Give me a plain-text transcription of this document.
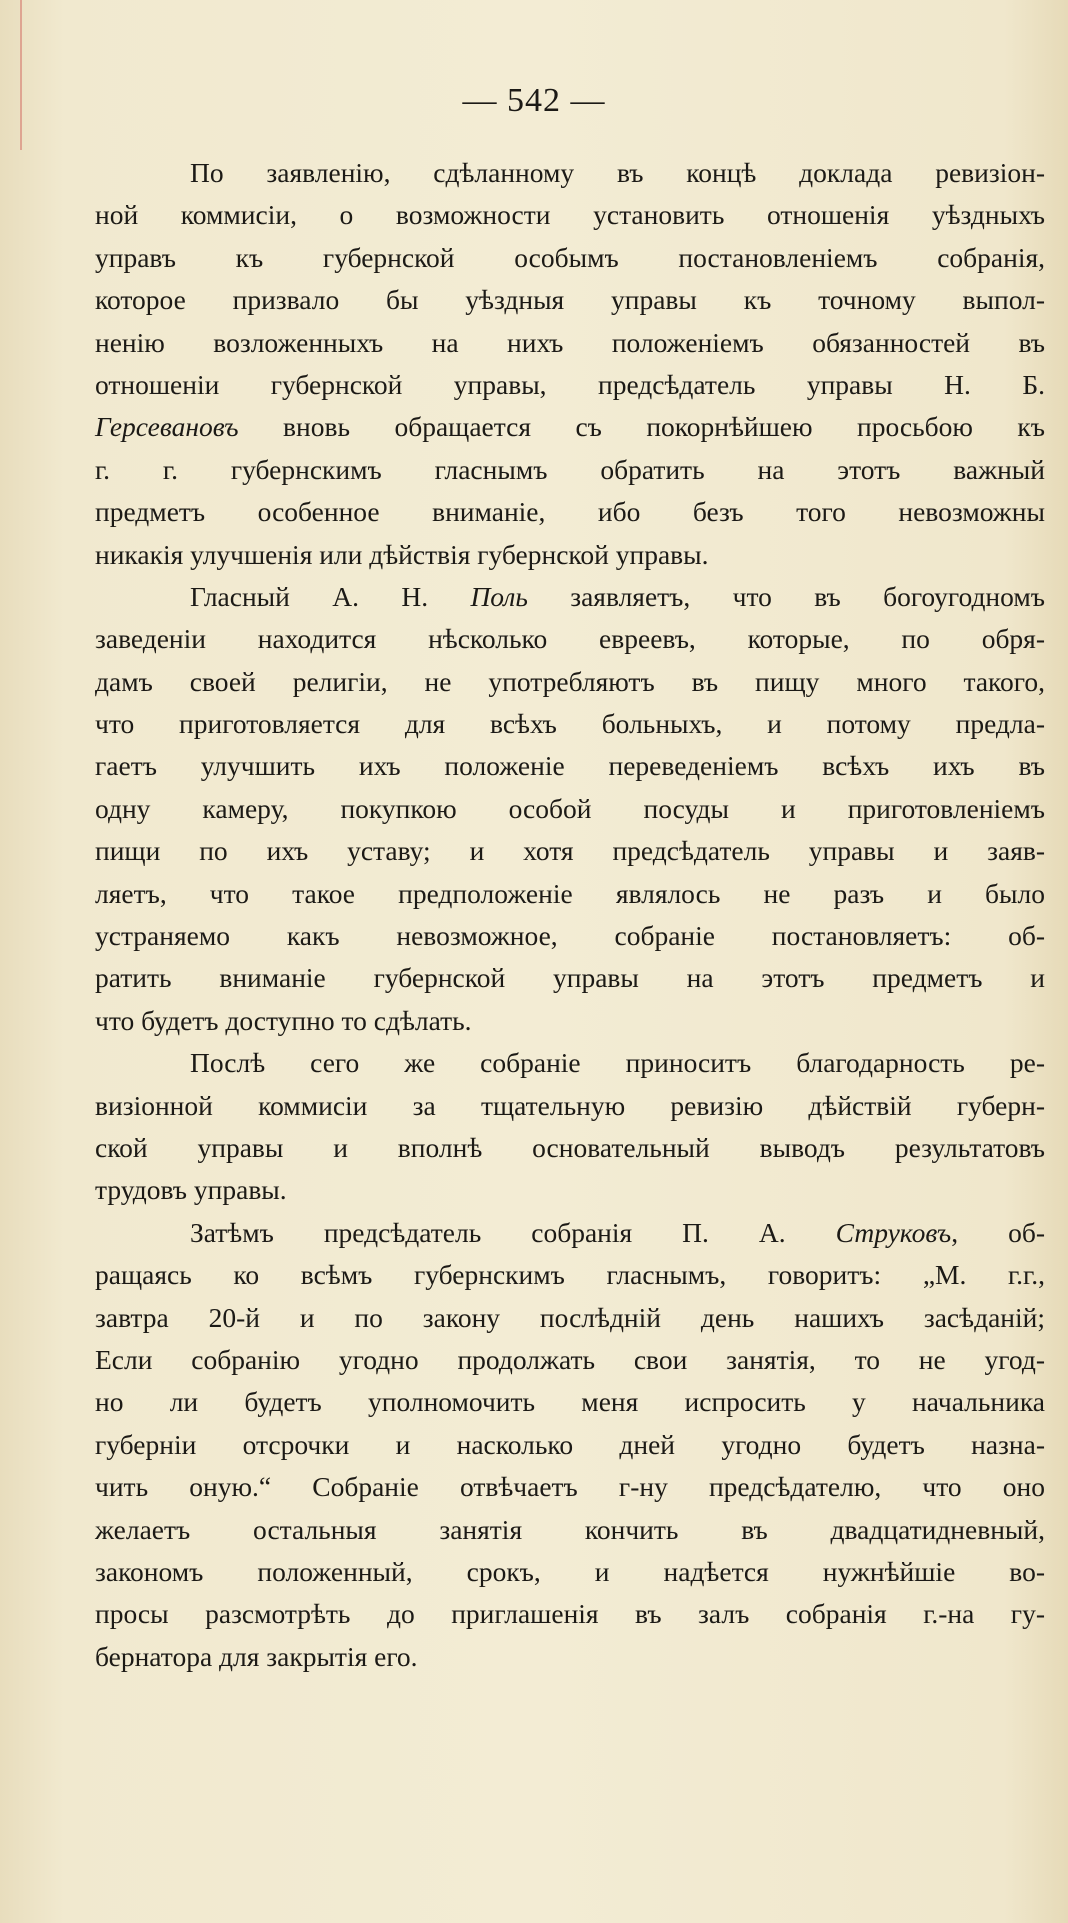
— 542 —
По заявленію, сдѣланному въ концѣ доклада ревизіон-
ной коммисіи, о возможности установить отношенія уѣздныхъ
управъ къ губернской особымъ постановленіемъ собранія,
которое призвало бы уѣздныя управы къ точному выпол-
ненію возложенныхъ на нихъ положеніемъ обязанностей въ
отношеніи губернской управы, предсѣдатель управы Н. Б.
Герсевановъ вновь обращается съ покорнѣйшею просьбою къ
г. г. губернскимъ гласнымъ обратить на этотъ важный
предметъ особенное вниманіе, ибо безъ того невозможны
никакія улучшенія или дѣйствія губернской управы.
Гласный А. Н. Поль заявляетъ, что въ богоугодномъ
заведеніи находится нѣсколько евреевъ, которые, по обря-
дамъ своей религіи, не употребляютъ въ пищу много такого,
что приготовляется для всѣхъ больныхъ, и потому предла-
гаетъ улучшить ихъ положеніе переведеніемъ всѣхъ ихъ въ
одну камеру, покупкою особой посуды и приготовленіемъ
пищи по ихъ уставу; и хотя предсѣдатель управы и заяв-
ляетъ, что такое предположеніе являлось не разъ и было
устраняемо какъ невозможное, собраніе постановляетъ: об-
ратить вниманіе губернской управы на этотъ предметъ и
что будетъ доступно то сдѣлать.
Послѣ сего же собраніе приноситъ благодарность ре-
визіонной коммисіи за тщательную ревизію дѣйствій губерн-
ской управы и вполнѣ основательный выводъ результатовъ
трудовъ управы.
Затѣмъ предсѣдатель собранія П. А. Струковъ, об-
ращаясь ко всѣмъ губернскимъ гласнымъ, говоритъ: „М. г.г.,
завтра 20-й и по закону послѣдній день нашихъ засѣданій;
Если собранію угодно продолжать свои занятія, то не угод-
но ли будетъ уполномочить меня испросить у начальника
губерніи отсрочки и насколько дней угодно будетъ назна-
чить оную.“ Собраніе отвѣчаетъ г-ну предсѣдателю, что оно
желаетъ остальныя занятія кончить въ двадцатидневный,
закономъ положенный, срокъ, и надѣется нужнѣйшіе во-
просы разсмотрѣть до приглашенія въ залъ собранія г.-на гу-
бернатора для закрытія его.
